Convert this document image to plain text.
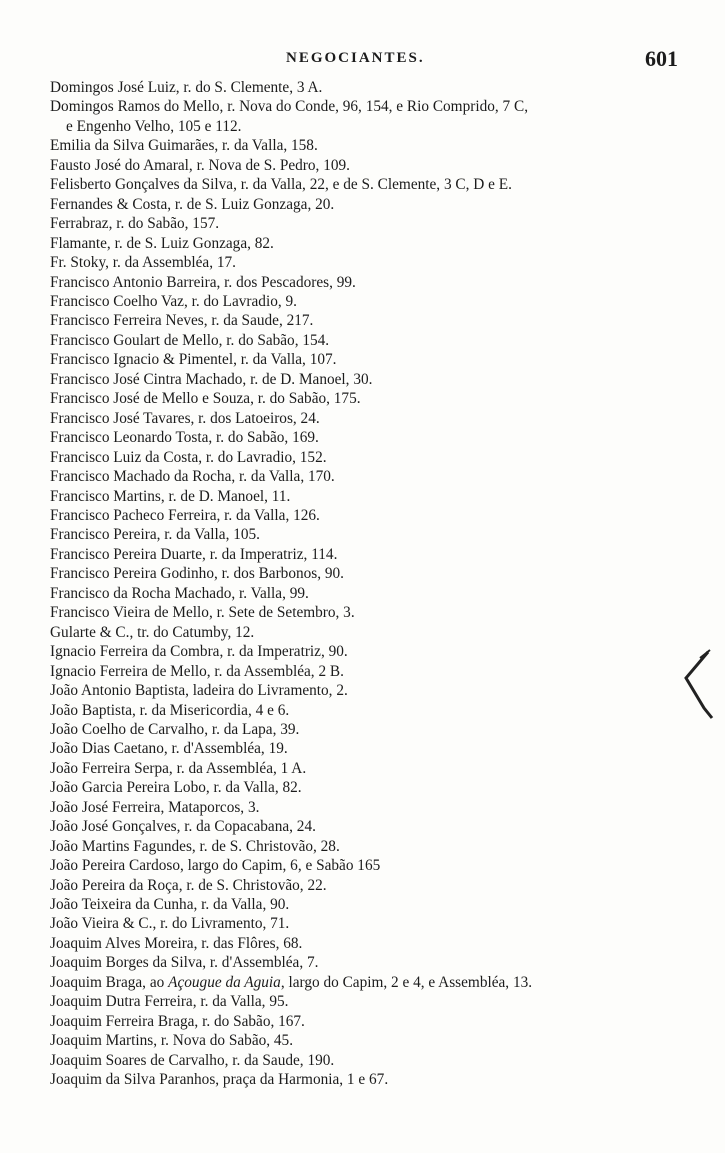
NEGOCIANTES.	601

Domingos José Luiz, r. do S. Clemente, 3 A.

Domingos Ramos do Mello, r. Nova do Conde, 96, 154, e Rio Comprido, 7 C,

e Engenho Velho, 105 e 112.

Emilia da Silva Guimarães, r. da Valla, 158.

Fausto José do Amaral, r. Nova de S. Pedro, 109.

Felisberto Gonçalves da Silva, r. da Valla, 22, e de S. Clemente, 3 C, D e E.

Fernandes & Costa, r. de S. Luiz Gonzaga, 20.

Ferrabraz, r. do Sabão, 157.

Flamante, r. de S. Luiz Gonzaga, 82.

Fr. Stoky, r. da Assembléa, 17.

Francisco Antonio Barreira, r. dos Pescadores, 99.

Francisco Coelho Vaz, r. do Lavradio, 9.

Francisco Ferreira Neves, r. da Saude, 217.

Francisco Goulart de Mello, r. do Sabão, 154.

Francisco Ignacio & Pimentel, r. da Valla, 107.

Francisco José Cintra Machado, r. de D. Manoel, 30.

Francisco José de Mello e Souza, r. do Sabão, 175.

Francisco José Tavares, r. dos Latoeiros, 24.

Francisco Leonardo Tosta, r. do Sabão, 169.

Francisco Luiz da Costa, r. do Lavradio, 152.

Francisco Machado da Rocha, r. da Valla, 170.

Francisco Martins, r. de D. Manoel, 11.

Francisco Pacheco Ferreira, r. da Valla, 126.

Francisco Pereira, r. da Valla, 105.

Francisco Pereira Duarte, r. da Imperatriz, 114.

Francisco Pereira Godinho, r. dos Barbonos, 90.

Francisco da Rocha Machado, r. Valla, 99.

Francisco Vieira de Mello, r. Sete de Setembro, 3.

Gularte & C., tr. do Catumby, 12.

Ignacio Ferreira da Combra, r. da Imperatriz, 90.

Ignacio Ferreira de Mello, r. da Assembléa, 2 B.

João Antonio Baptista, ladeira do Livramento, 2.

João Baptista, r. da Misericordia, 4 e 6.

João Coelho de Carvalho, r. da Lapa, 39.

João Dias Caetano, r. d'Assembléa, 19.

João Ferreira Serpa, r. da Assembléa, 1 A.

João Garcia Pereira Lobo, r. da Valla, 82.

João José Ferreira, Mataporcos, 3.

João José Gonçalves, r. da Copacabana, 24.

João Martins Fagundes, r. de S. Christovão, 28.

João Pereira Cardoso, largo do Capim, 6, e Sabão 165

João Pereira da Roça, r. de S. Christovão, 22.

João Teixeira da Cunha, r. da Valla, 90.

João Vieira & C., r. do Livramento, 71.

Joaquim Alves Moreira, r. das Flôres, 68.

Joaquim Borges da Silva, r. d'Assembléa, 7.

Joaquim Braga, ao Açougue da Aguia, largo do Capim, 2 e 4, e Assembléa, 13.

Joaquim Dutra Ferreira, r. da Valla, 95.

Joaquim Ferreira Braga, r. do Sabão, 167.

Joaquim Martins, r. Nova do Sabão, 45.

Joaquim Soares de Carvalho, r. da Saude, 190.

Joaquim da Silva Paranhos, praça da Harmonia, 1 e 67.
